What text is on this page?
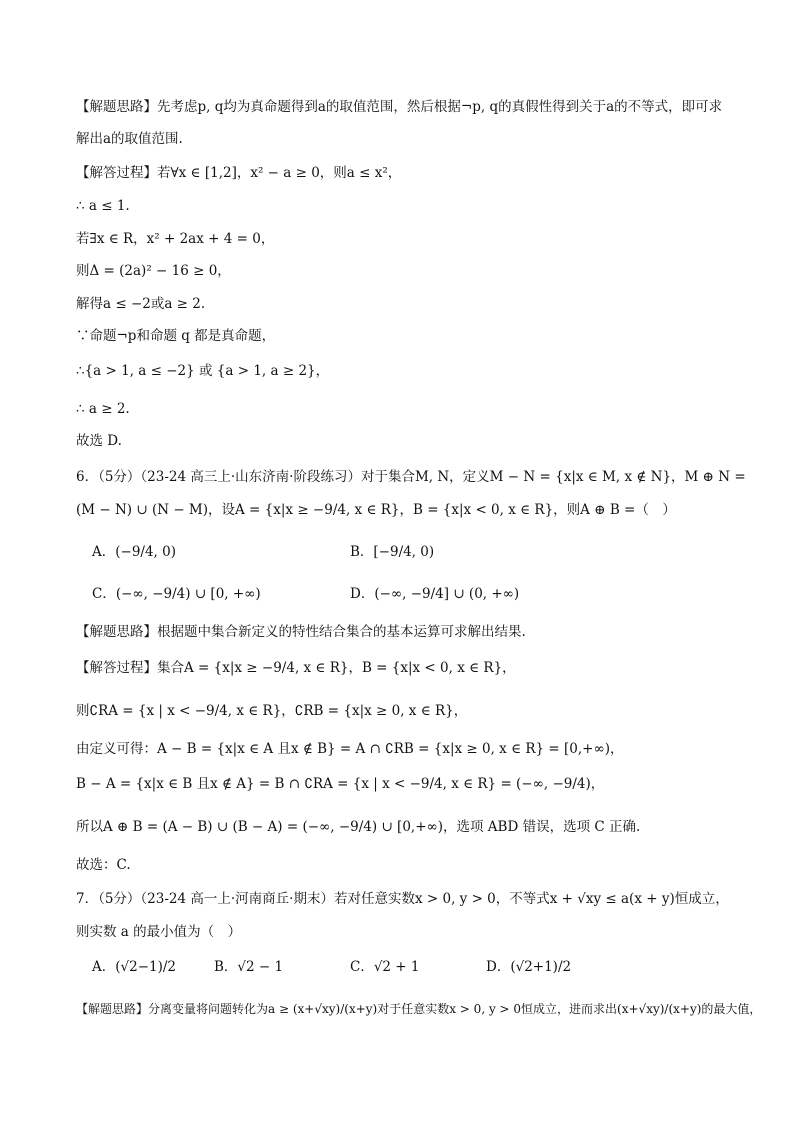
【解题思路】先考虑p, q均为真命题得到a的取值范围，然后根据¬p, q的真假性得到关于a的不等式，即可求
解出a的取值范围.
【解答过程】若∀x ∈ [1,2]，x² − a ≥ 0，则a ≤ x²，
∴ a ≤ 1.
若∃x ∈ R，x² + 2ax + 4 = 0，
则Δ = (2a)² − 16 ≥ 0，
解得a ≤ −2或a ≥ 2.
∵命题¬p和命题 q 都是真命题，
∴{a > 1, a ≤ −2} 或 {a > 1, a ≥ 2}，
∴ a ≥ 2.
故选 D.
6．（5分）（23-24 高三上·山东济南·阶段练习）对于集合M, N，定义M − N = {x|x ∈ M, x ∉ N}，M ⊕ N =
(M − N) ∪ (N − M)，设A = {x|x ≥ −9/4, x ∈ R}，B = {x|x < 0, x ∈ R}，则A ⊕ B =（　）
A．(−9/4, 0)	B．[−9/4, 0)
C．(−∞, −9/4) ∪ [0, +∞)	D．(−∞, −9/4] ∪ (0, +∞)
【解题思路】根据题中集合新定义的特性结合集合的基本运算可求解出结果.
【解答过程】集合A = {x|x ≥ −9/4, x ∈ R}，B = {x|x < 0, x ∈ R}，
则∁RA = {x | x < −9/4, x ∈ R}，∁RB = {x|x ≥ 0, x ∈ R}，
由定义可得：A − B = {x|x ∈ A 且x ∉ B} = A ∩ ∁RB = {x|x ≥ 0, x ∈ R} = [0,+∞)，
B − A = {x|x ∈ B 且x ∉ A} = B ∩ ∁RA = {x | x < −9/4, x ∈ R} = (−∞, −9/4)，
所以A ⊕ B = (A − B) ∪ (B − A) = (−∞, −9/4) ∪ [0,+∞)，选项 ABD 错误，选项 C 正确.
故选：C.
7．（5分）（23-24 高一上·河南商丘·期末）若对任意实数x > 0, y > 0，不等式x + √xy ≤ a(x + y)恒成立，
则实数 a 的最小值为（　）
A．(√2−1)/2	B．√2 − 1	C．√2 + 1	D．(√2+1)/2
【解题思路】分离变量将问题转化为a ≥ (x+√xy)/(x+y)对于任意实数x > 0, y > 0恒成立，进而求出(x+√xy)/(x+y)的最大值，
